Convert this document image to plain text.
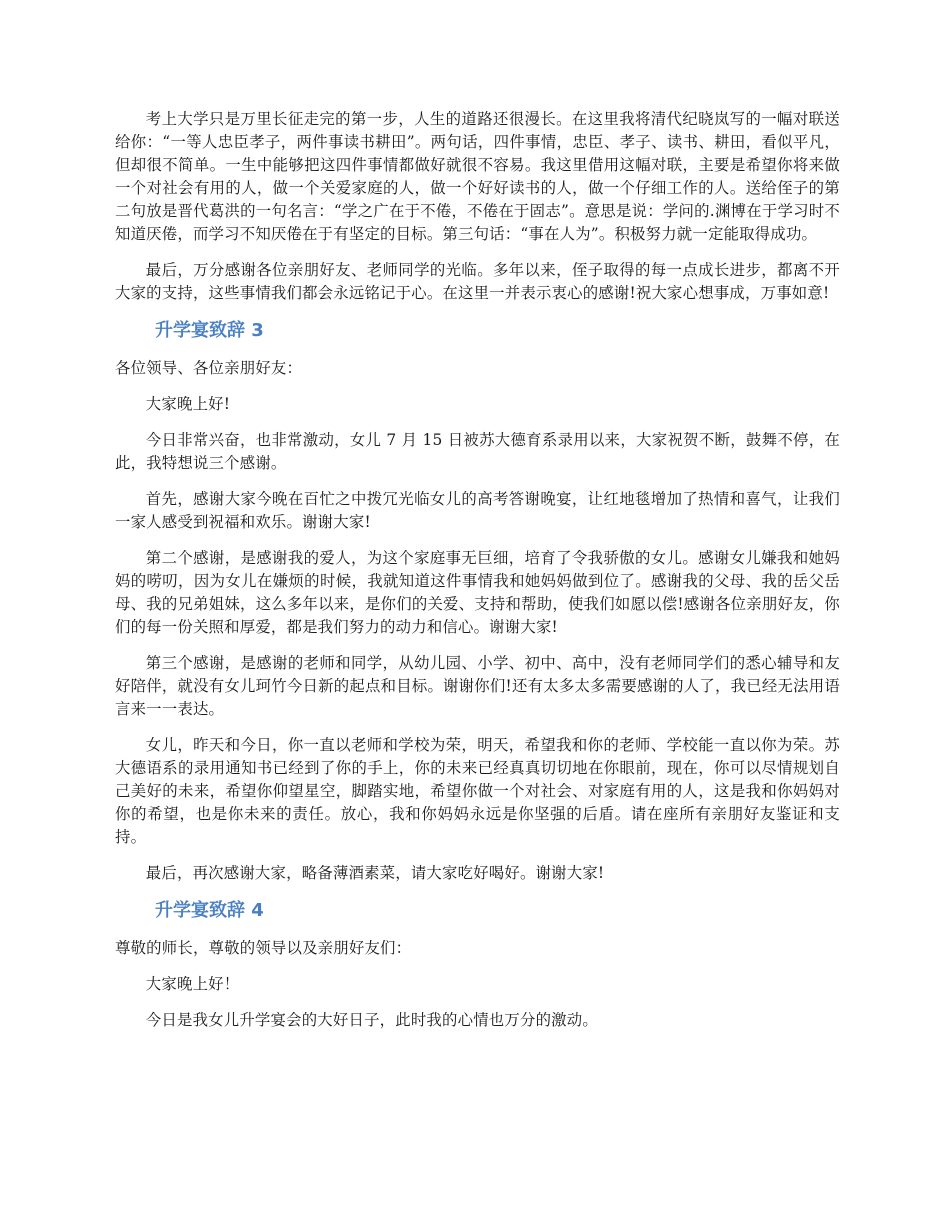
考上大学只是万里长征走完的第一步，人生的道路还很漫长。在这里我将清代纪晓岚写的一幅对联送给你：“一等人忠臣孝子，两件事读书耕田”。两句话，四件事情，忠臣、孝子、读书、耕田，看似平凡，但却很不简单。一生中能够把这四件事情都做好就很不容易。我这里借用这幅对联，主要是希望你将来做一个对社会有用的人，做一个关爱家庭的人，做一个好好读书的人，做一个仔细工作的人。送给侄子的第二句放是晋代葛洪的一句名言：“学之广在于不倦，不倦在于固志”。意思是说：学问的.渊博在于学习时不知道厌倦，而学习不知厌倦在于有坚定的目标。第三句话：“事在人为”。积极努力就一定能取得成功。

最后，万分感谢各位亲朋好友、老师同学的光临。多年以来，侄子取得的每一点成长进步，都离不开大家的支持，这些事情我们都会永远铭记于心。在这里一并表示衷心的感谢!祝大家心想事成，万事如意!

升学宴致辞 3

各位领导、各位亲朋好友：

大家晚上好!

今日非常兴奋，也非常激动，女儿 7 月 15 日被苏大德育系录用以来，大家祝贺不断，鼓舞不停，在此，我特想说三个感谢。

首先，感谢大家今晚在百忙之中拨冗光临女儿的高考答谢晚宴，让红地毯增加了热情和喜气，让我们一家人感受到祝福和欢乐。谢谢大家!

第二个感谢，是感谢我的爱人，为这个家庭事无巨细，培育了令我骄傲的女儿。感谢女儿嫌我和她妈妈的唠叨，因为女儿在嫌烦的时候，我就知道这件事情我和她妈妈做到位了。感谢我的父母、我的岳父岳母、我的兄弟姐妹，这么多年以来，是你们的关爱、支持和帮助，使我们如愿以偿!感谢各位亲朋好友，你们的每一份关照和厚爱，都是我们努力的动力和信心。谢谢大家!

第三个感谢，是感谢的老师和同学，从幼儿园、小学、初中、高中，没有老师同学们的悉心辅导和友好陪伴，就没有女儿珂竹今日新的起点和目标。谢谢你们!还有太多太多需要感谢的人了，我已经无法用语言来一一表达。

女儿，昨天和今日，你一直以老师和学校为荣，明天，希望我和你的老师、学校能一直以你为荣。苏大德语系的录用通知书已经到了你的手上，你的未来已经真真切切地在你眼前，现在，你可以尽情规划自己美好的未来，希望你仰望星空，脚踏实地，希望你做一个对社会、对家庭有用的人，这是我和你妈妈对你的希望，也是你未来的责任。放心，我和你妈妈永远是你坚强的后盾。请在座所有亲朋好友鉴证和支持。

最后，再次感谢大家，略备薄酒素菜，请大家吃好喝好。谢谢大家!

升学宴致辞 4

尊敬的师长，尊敬的领导以及亲朋好友们：

大家晚上好！

今日是我女儿升学宴会的大好日子，此时我的心情也万分的激动。
